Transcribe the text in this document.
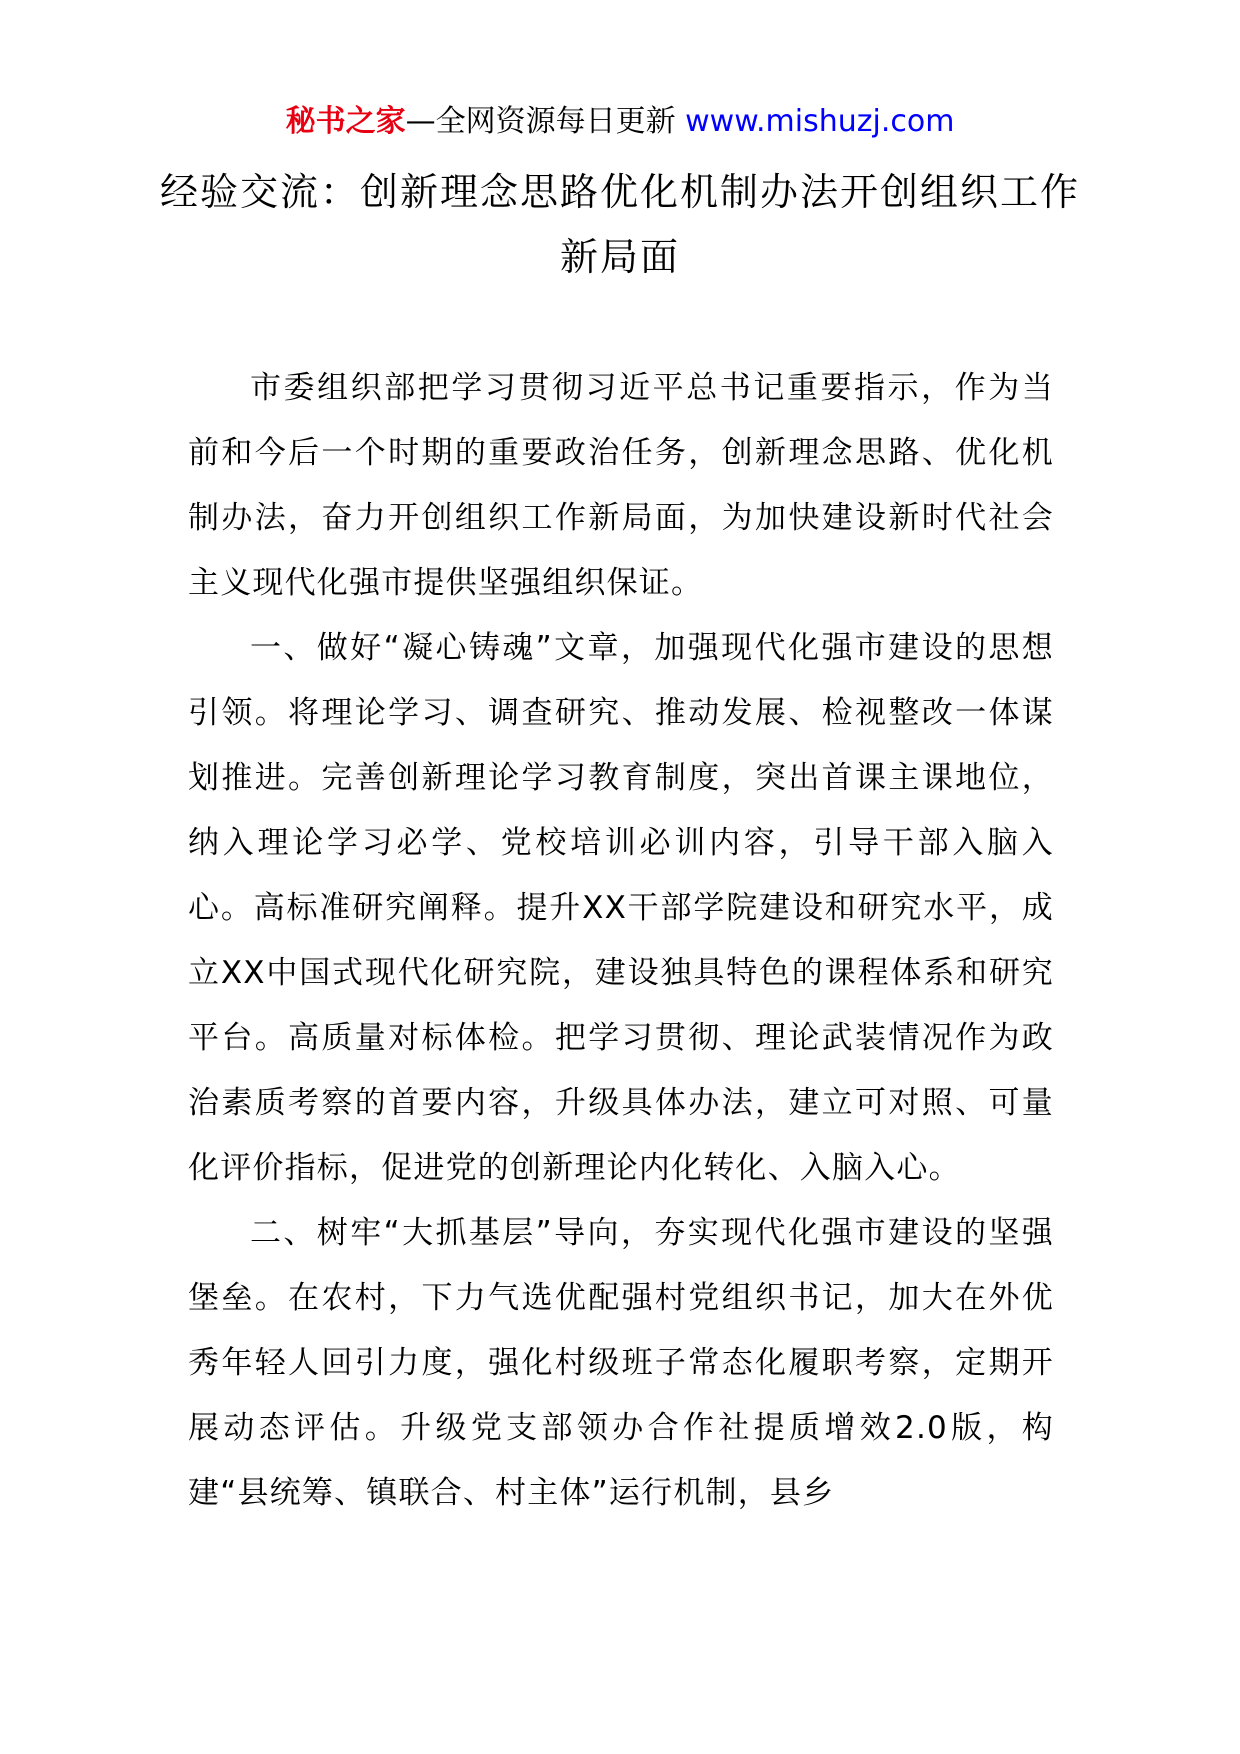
秘书之家—全网资源每日更新 www.mishuzj.com
经验交流：创新理念思路优化机制办法开创组织工作新局面

市委组织部把学习贯彻习近平总书记重要指示，作为当前和今后一个时期的重要政治任务，创新理念思路、优化机制办法，奋力开创组织工作新局面，为加快建设新时代社会主义现代化强市提供坚强组织保证。

一、做好“凝心铸魂”文章，加强现代化强市建设的思想引领。将理论学习、调查研究、推动发展、检视整改一体谋划推进。完善创新理论学习教育制度，突出首课主课地位，纳入理论学习必学、党校培训必训内容，引导干部入脑入心。高标准研究阐释。提升XX干部学院建设和研究水平，成立XX中国式现代化研究院，建设独具特色的课程体系和研究平台。高质量对标体检。把学习贯彻、理论武装情况作为政治素质考察的首要内容，升级具体办法，建立可对照、可量化评价指标，促进党的创新理论内化转化、入脑入心。

二、树牢“大抓基层”导向，夯实现代化强市建设的坚强堡垒。在农村，下力气选优配强村党组织书记，加大在外优秀年轻人回引力度，强化村级班子常态化履职考察，定期开展动态评估。升级党支部领办合作社提质增效2.0版，构建“县统筹、镇联合、村主体”运行机制，县乡
